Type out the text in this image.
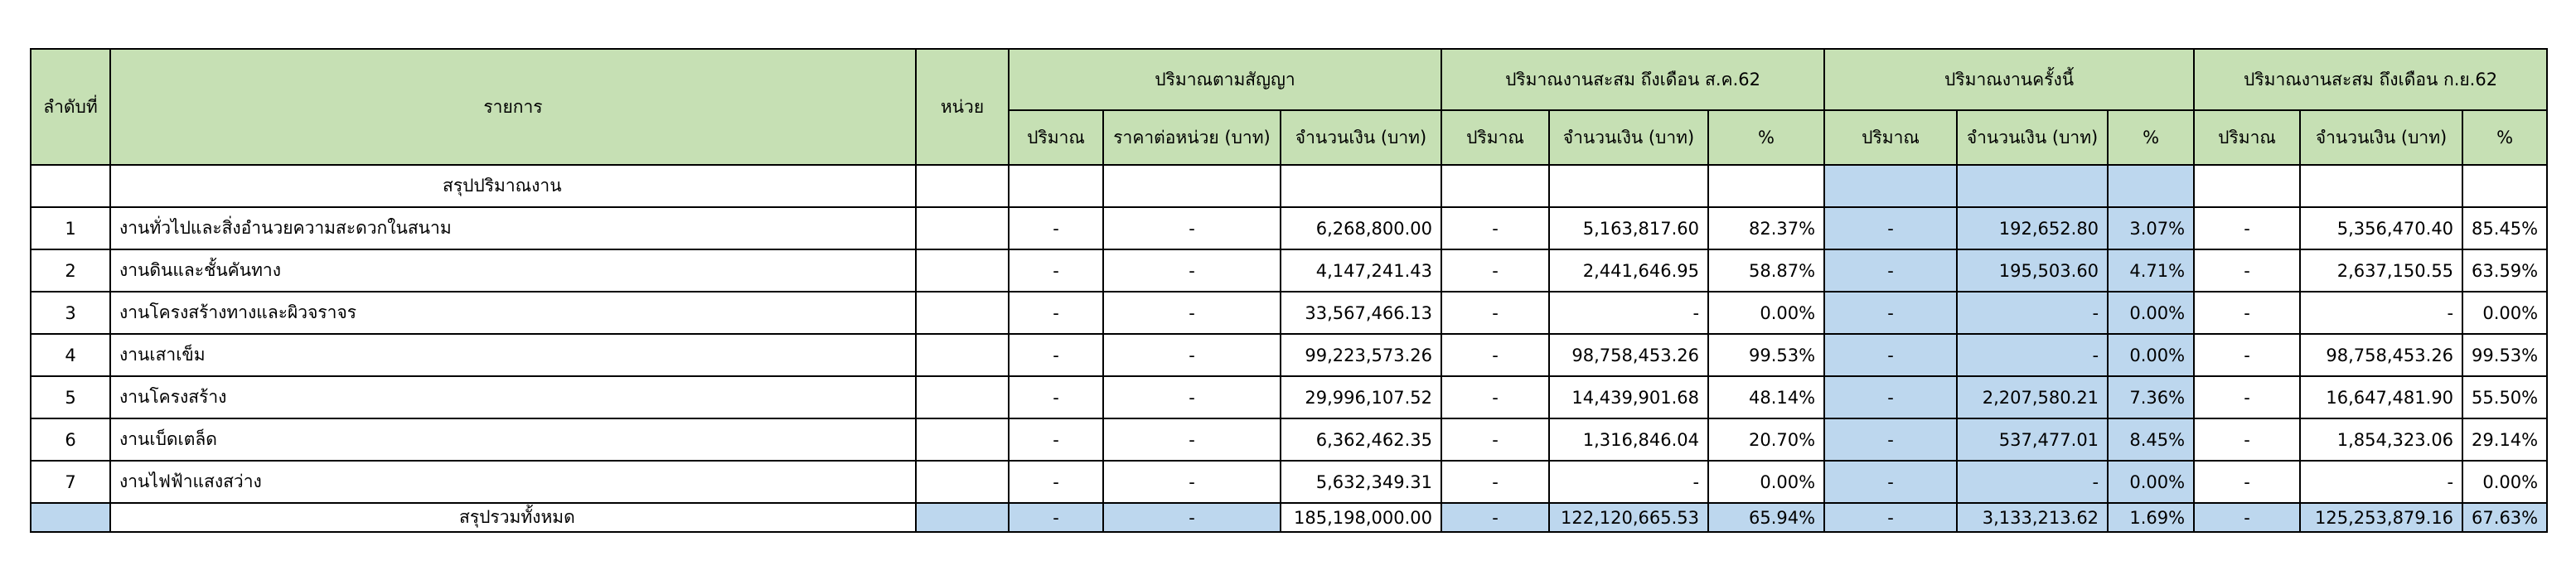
ลำดับที่	รายการ	หน่วย	ปริมาณตามสัญญา			ปริมาณงานสะสม ถึงเดือน ส.ค.62			ปริมาณงานครั้งนี้			ปริมาณงานสะสม ถึงเดือน ก.ย.62		
			ปริมาณ	ราคาต่อหน่วย (บาท)	จำนวนเงิน (บาท)	ปริมาณ	จำนวนเงิน (บาท)	%	ปริมาณ	จำนวนเงิน (บาท)	%	ปริมาณ	จำนวนเงิน (บาท)	%
	สรุปปริมาณงาน													
1	งานทั่วไปและสิ่งอำนวยความสะดวกในสนาม		-	-	6,268,800.00	-	5,163,817.60	82.37%	-	192,652.80	3.07%	-	5,356,470.40	85.45%
2	งานดินและชั้นคันทาง		-	-	4,147,241.43	-	2,441,646.95	58.87%	-	195,503.60	4.71%	-	2,637,150.55	63.59%
3	งานโครงสร้างทางและผิวจราจร		-	-	33,567,466.13	-	-	0.00%	-	-	0.00%	-	-	0.00%
4	งานเสาเข็ม		-	-	99,223,573.26	-	98,758,453.26	99.53%	-	-	0.00%	-	98,758,453.26	99.53%
5	งานโครงสร้าง		-	-	29,996,107.52	-	14,439,901.68	48.14%	-	2,207,580.21	7.36%	-	16,647,481.90	55.50%
6	งานเบ็ดเตล็ด		-	-	6,362,462.35	-	1,316,846.04	20.70%	-	537,477.01	8.45%	-	1,854,323.06	29.14%
7	งานไฟฟ้าแสงสว่าง		-	-	5,632,349.31	-	-	0.00%	-	-	0.00%	-	-	0.00%
	สรุปรวมทั้งหมด		-	-	185,198,000.00	-	122,120,665.53	65.94%	-	3,133,213.62	1.69%	-	125,253,879.16	67.63%
